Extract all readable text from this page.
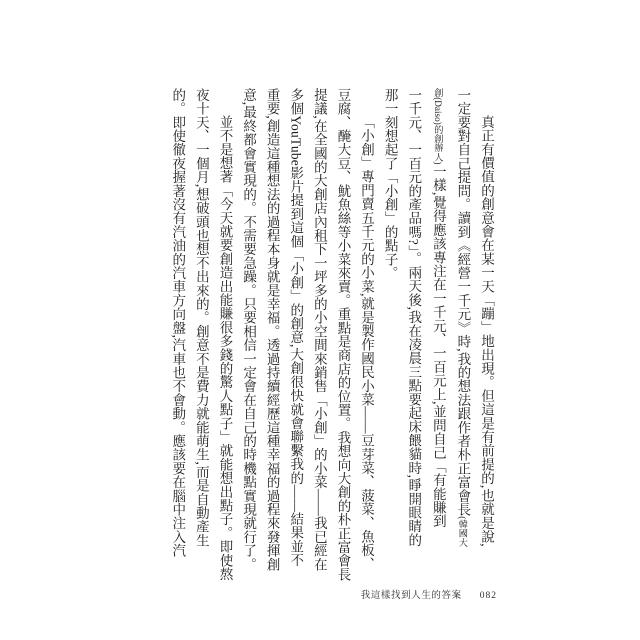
真正有價值的創意會在某一天「蹦」地出現。但這是有前提的,也就是說,
一定要對自己提問。讀到《經營一千元》時,我的想法跟作者朴正富會長(韓國大
創(Daiso)的創辦人)一樣,覺得應該專注在一千元、一百元上,並問自己「有能賺到
一千元、一百元的產品嗎?」。兩天後,我在凌晨三點要起床餵貓時,睜開眼睛的
那一刻想起了「小創」的點子。
「小創」專門賣五千元的小菜,就是製作國民小菜——豆芽菜、菠菜、魚板、
豆腐、醃大豆、魷魚絲等小菜來賣。重點是商店的位置。我想向大創的朴正富會長
提議,在全國的大創店內租下一坪多的小空間來銷售「小創」的小菜——我已經在
多個YouTube影片提到這個「小創」的創意,大創很快就會聯繫我的——結果並不
重要,創造這種想法的過程本身就是幸福。透過持續經歷這種幸福的過程來發揮創
意,最終都會實現的。不需要急躁。只要相信一定會在自己的時機點實現就行了。
並不是想著「今天就要創造出能賺很多錢的驚人點子」就能想出點子。即使熬
夜十天、一個月,想破頭也想不出來的。創意不是費力就能萌生,而是自動產生
的。即使徹夜握著沒有汽油的汽車方向盤,汽車也不會動。應該要在腦中注入汽
我這樣找到人生的答案 082
